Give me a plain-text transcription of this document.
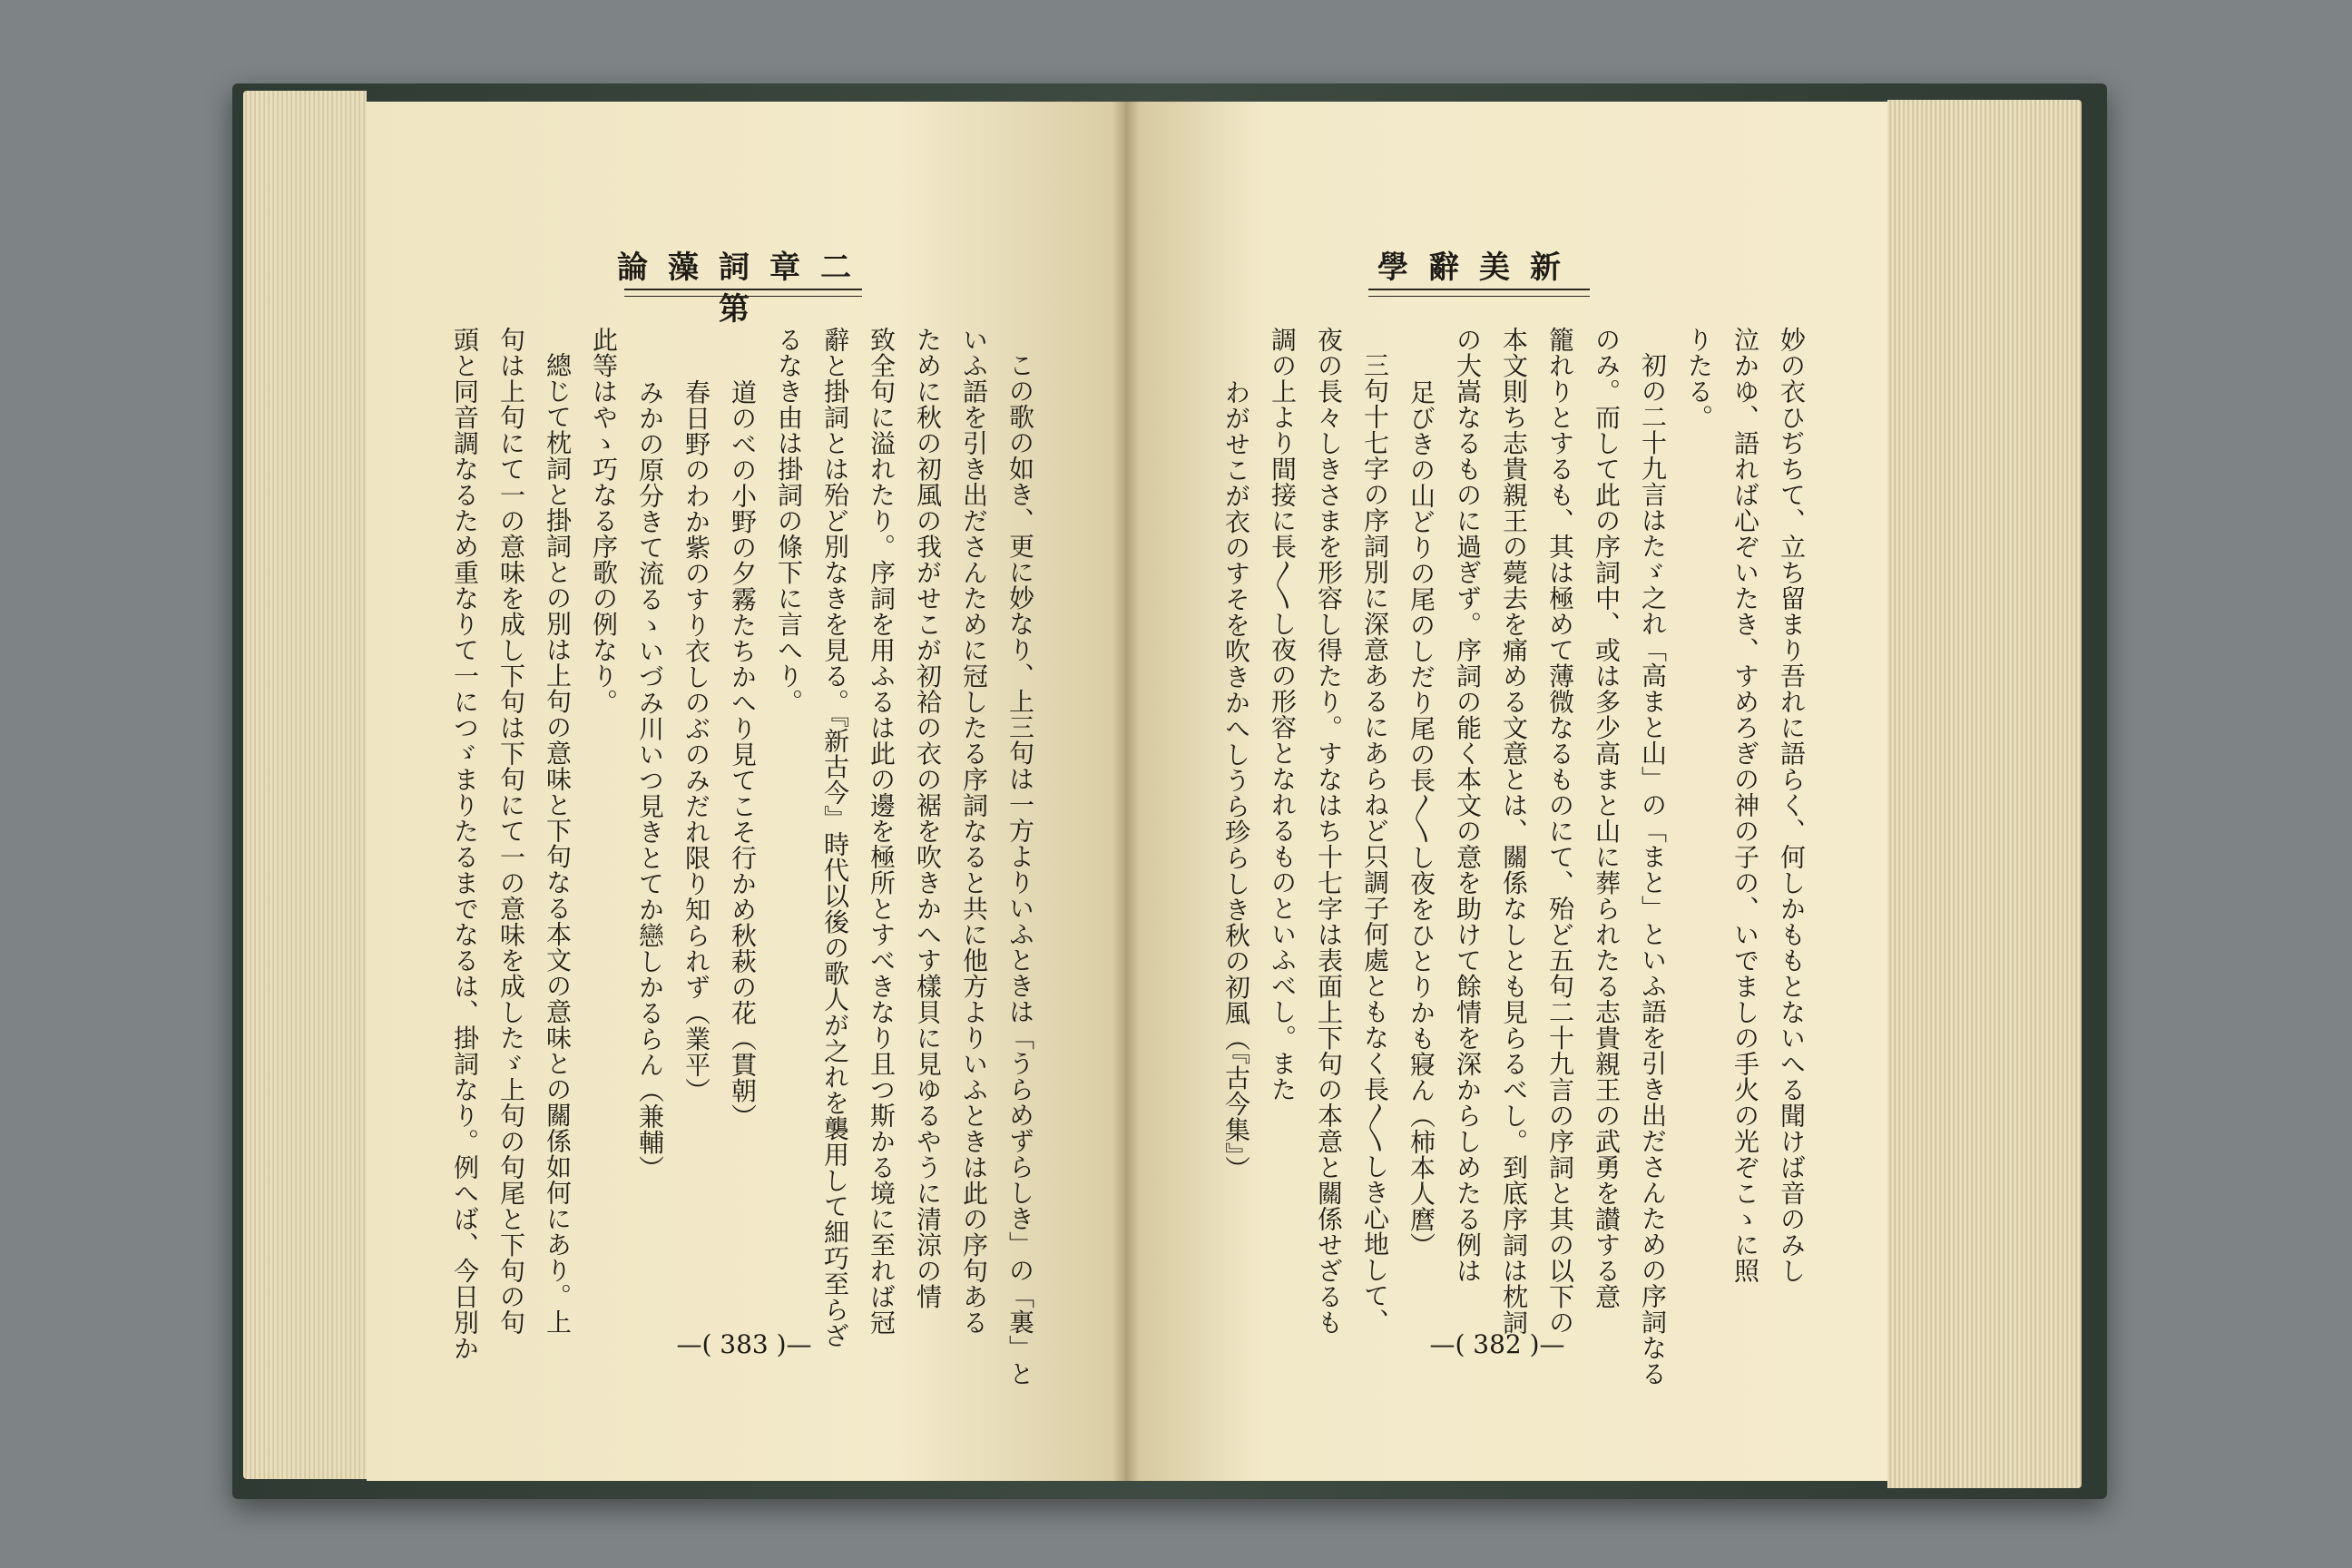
論藻詞章二第
この歌の如き、更に妙なり、上三句は一方よりいふときは「うらめずらしき」の「裏」と
いふ語を引き出ださんために冠したる序詞なると共に他方よりいふときは此の序句ある
ために秋の初風の我がせこが初袷の衣の裾を吹きかへす樣貝に見ゆるやうに清涼の情
致全句に溢れたり。序詞を用ふるは此の邊を極所とすべきなり且つ斯かる境に至れば冠
辭と掛詞とは殆ど別なきを見る。『新古今』時代以後の歌人が之れを襲用して細巧至らざ
るなき由は掛詞の條下に言へり。
道のべの小野の夕霧たちかへり見てこそ行かめ秋萩の花（貫朝）
春日野のわか紫のすり衣しのぶのみだれ限り知られず（業平）
みかの原分きて流るゝいづみ川いつ見きとてか戀しかるらん（兼輔）
此等はやゝ巧なる序歌の例なり。
總じて枕詞と掛詞との別は上句の意味と下句なる本文の意味との關係如何にあり。上
句は上句にて一の意味を成し下句は下句にて一の意味を成したゞ上句の句尾と下句の句
頭と同音調なるため重なりて一につゞまりたるまでなるは、掛詞なり。例へば、今日別か	—( 383 )—
學辭美新
妙の衣ひぢちて、立ち留まり吾れに語らく、何しかももとないへる聞けば音のみし
泣かゆ、語れば心ぞいたき、すめろぎの神の子の、いでましの手火の光ぞこゝに照
りたる。
初の二十九言はたゞ之れ「高まと山」の「まと」といふ語を引き出ださんための序詞なる
のみ。而して此の序詞中、或は多少高まと山に葬られたる志貴親王の武勇を讃する意
籠れりとするも、其は極めて薄微なるものにて、殆ど五句二十九言の序詞と其の以下の
本文則ち志貴親王の薨去を痛める文意とは、關係なしとも見らるべし。到底序詞は枕詞
の大嵩なるものに過ぎず。序詞の能く本文の意を助けて餘情を深からしめたる例は
足びきの山どりの尾のしだり尾の長〳〵し夜をひとりかも寢ん（柿本人麿）
三句十七字の序詞別に深意あるにあらねど只調子何處ともなく長〳〵しき心地して、
夜の長々しきさまを形容し得たり。すなはち十七字は表面上下句の本意と關係せざるも
調の上より間接に長〳〵し夜の形容となれるものといふべし。また
わがせこが衣のすそを吹きかへしうら珍らしき秋の初風（『古今集』）
—( 382 )—
